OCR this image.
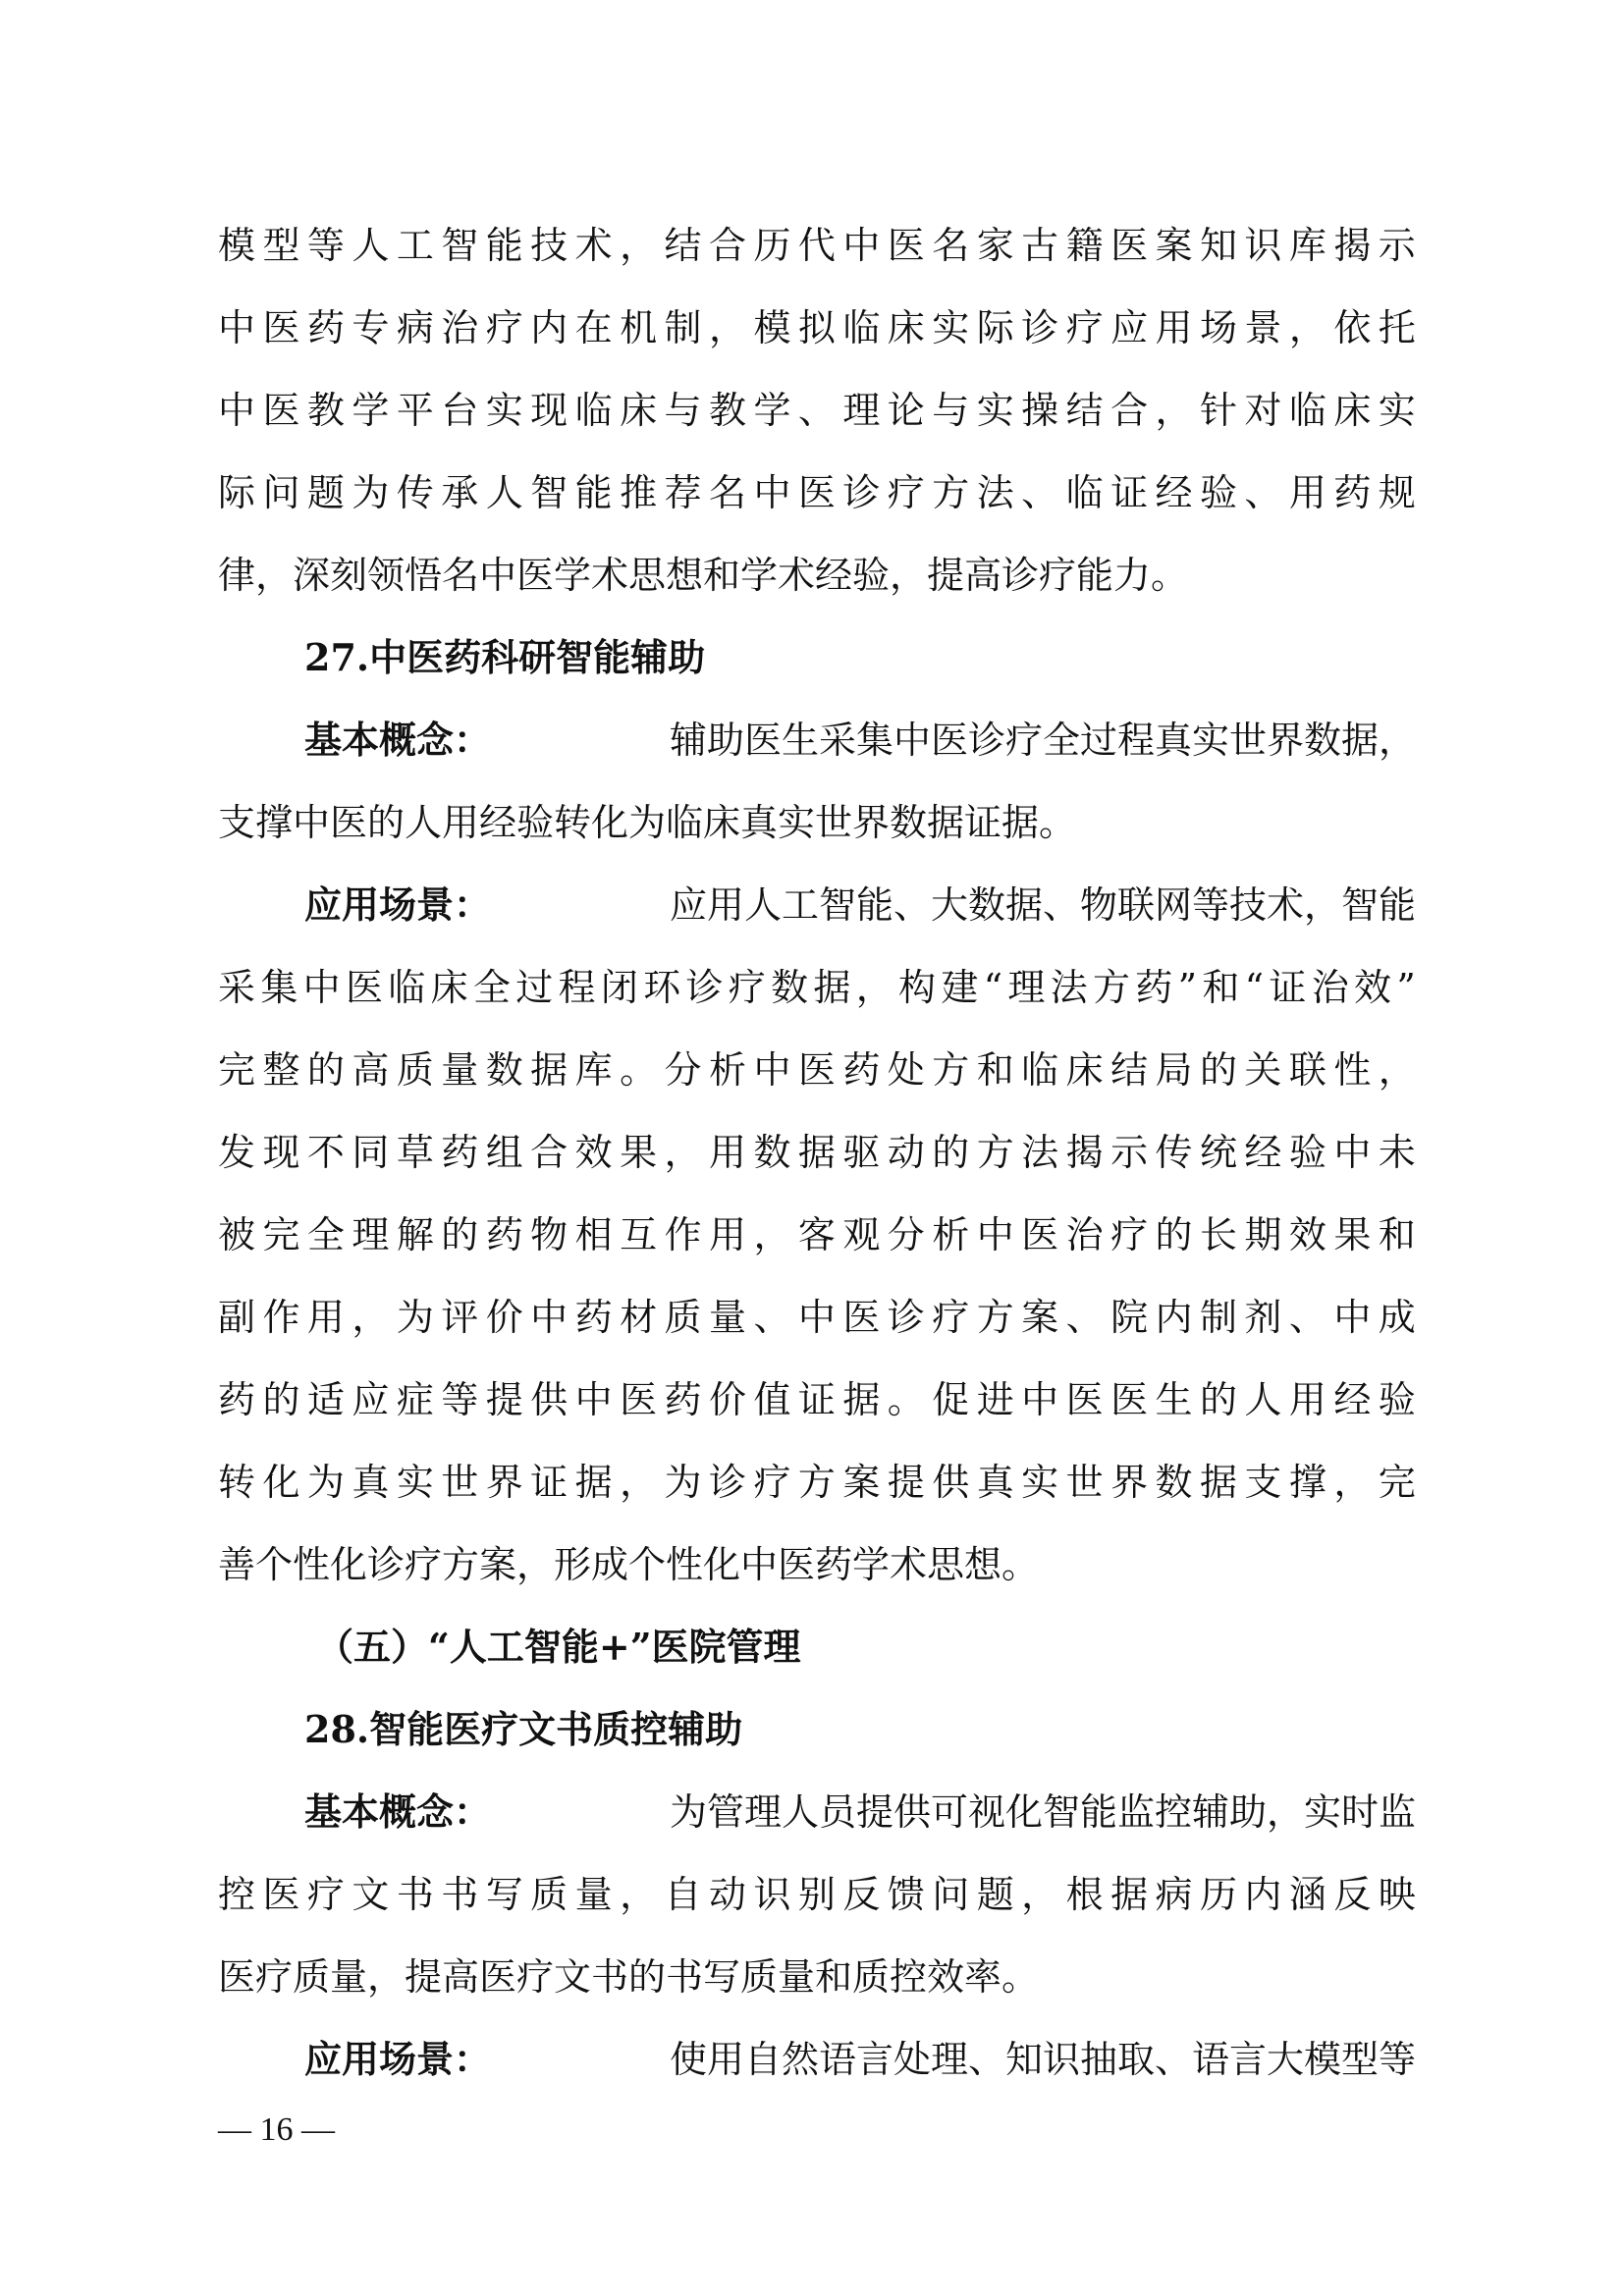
模 型 等 人 工 智 能 技 术 ， 结 合 历 代 中 医 名 家 古 籍 医 案 知 识 库 揭 示
中 医 药 专 病 治 疗 内 在 机 制 ， 模 拟 临 床 实 际 诊 疗 应 用 场 景 ， 依 托
中 医 教 学 平 台 实 现 临 床 与 教 学 、 理 论 与 实 操 结 合 ， 针 对 临 床 实
际 问 题 为 传 承 人 智 能 推 荐 名 中 医 诊 疗 方 法 、 临 证 经 验 、 用 药 规
律，深刻领悟名中医学术思想和学术经验，提高诊疗能力。
27.中医药科研智能辅助
基本概念：	辅助医生采集中医诊疗全过程真实世界数据，
支撑中医的人用经验转化为临床真实世界数据证据。
应用场景：	应用人工智能、大数据、物联网等技术，智能
采 集 中 医 临 床 全 过 程 闭 环 诊 疗 数 据 ， 构 建 “ 理 法 方 药 ” 和 “ 证 治 效 ”
完 整 的 高 质 量 数 据 库 。 分 析 中 医 药 处 方 和 临 床 结 局 的 关 联 性 ，
发 现 不 同 草 药 组 合 效 果 ， 用 数 据 驱 动 的 方 法 揭 示 传 统 经 验 中 未
被 完 全 理 解 的 药 物 相 互 作 用 ， 客 观 分 析 中 医 治 疗 的 长 期 效 果 和
副 作 用 ， 为 评 价 中 药 材 质 量 、 中 医 诊 疗 方 案 、 院 内 制 剂 、 中 成
药 的 适 应 症 等 提 供 中 医 药 价 值 证 据 。 促 进 中 医 医 生 的 人 用 经 验
转 化 为 真 实 世 界 证 据 ， 为 诊 疗 方 案 提 供 真 实 世 界 数 据 支 撑 ， 完
善个性化诊疗方案，形成个性化中医药学术思想。
（五）“人工智能+”医院管理
28.智能医疗文书质控辅助
基本概念：	为管理人员提供可视化智能监控辅助，实时监
控 医 疗 文 书 书 写 质 量 ， 自 动 识 别 反 馈 问 题 ， 根 据 病 历 内 涵 反 映
医疗质量，提高医疗文书的书写质量和质控效率。
应用场景：	使用自然语言处理、知识抽取、语言大模型等
— 16 —
